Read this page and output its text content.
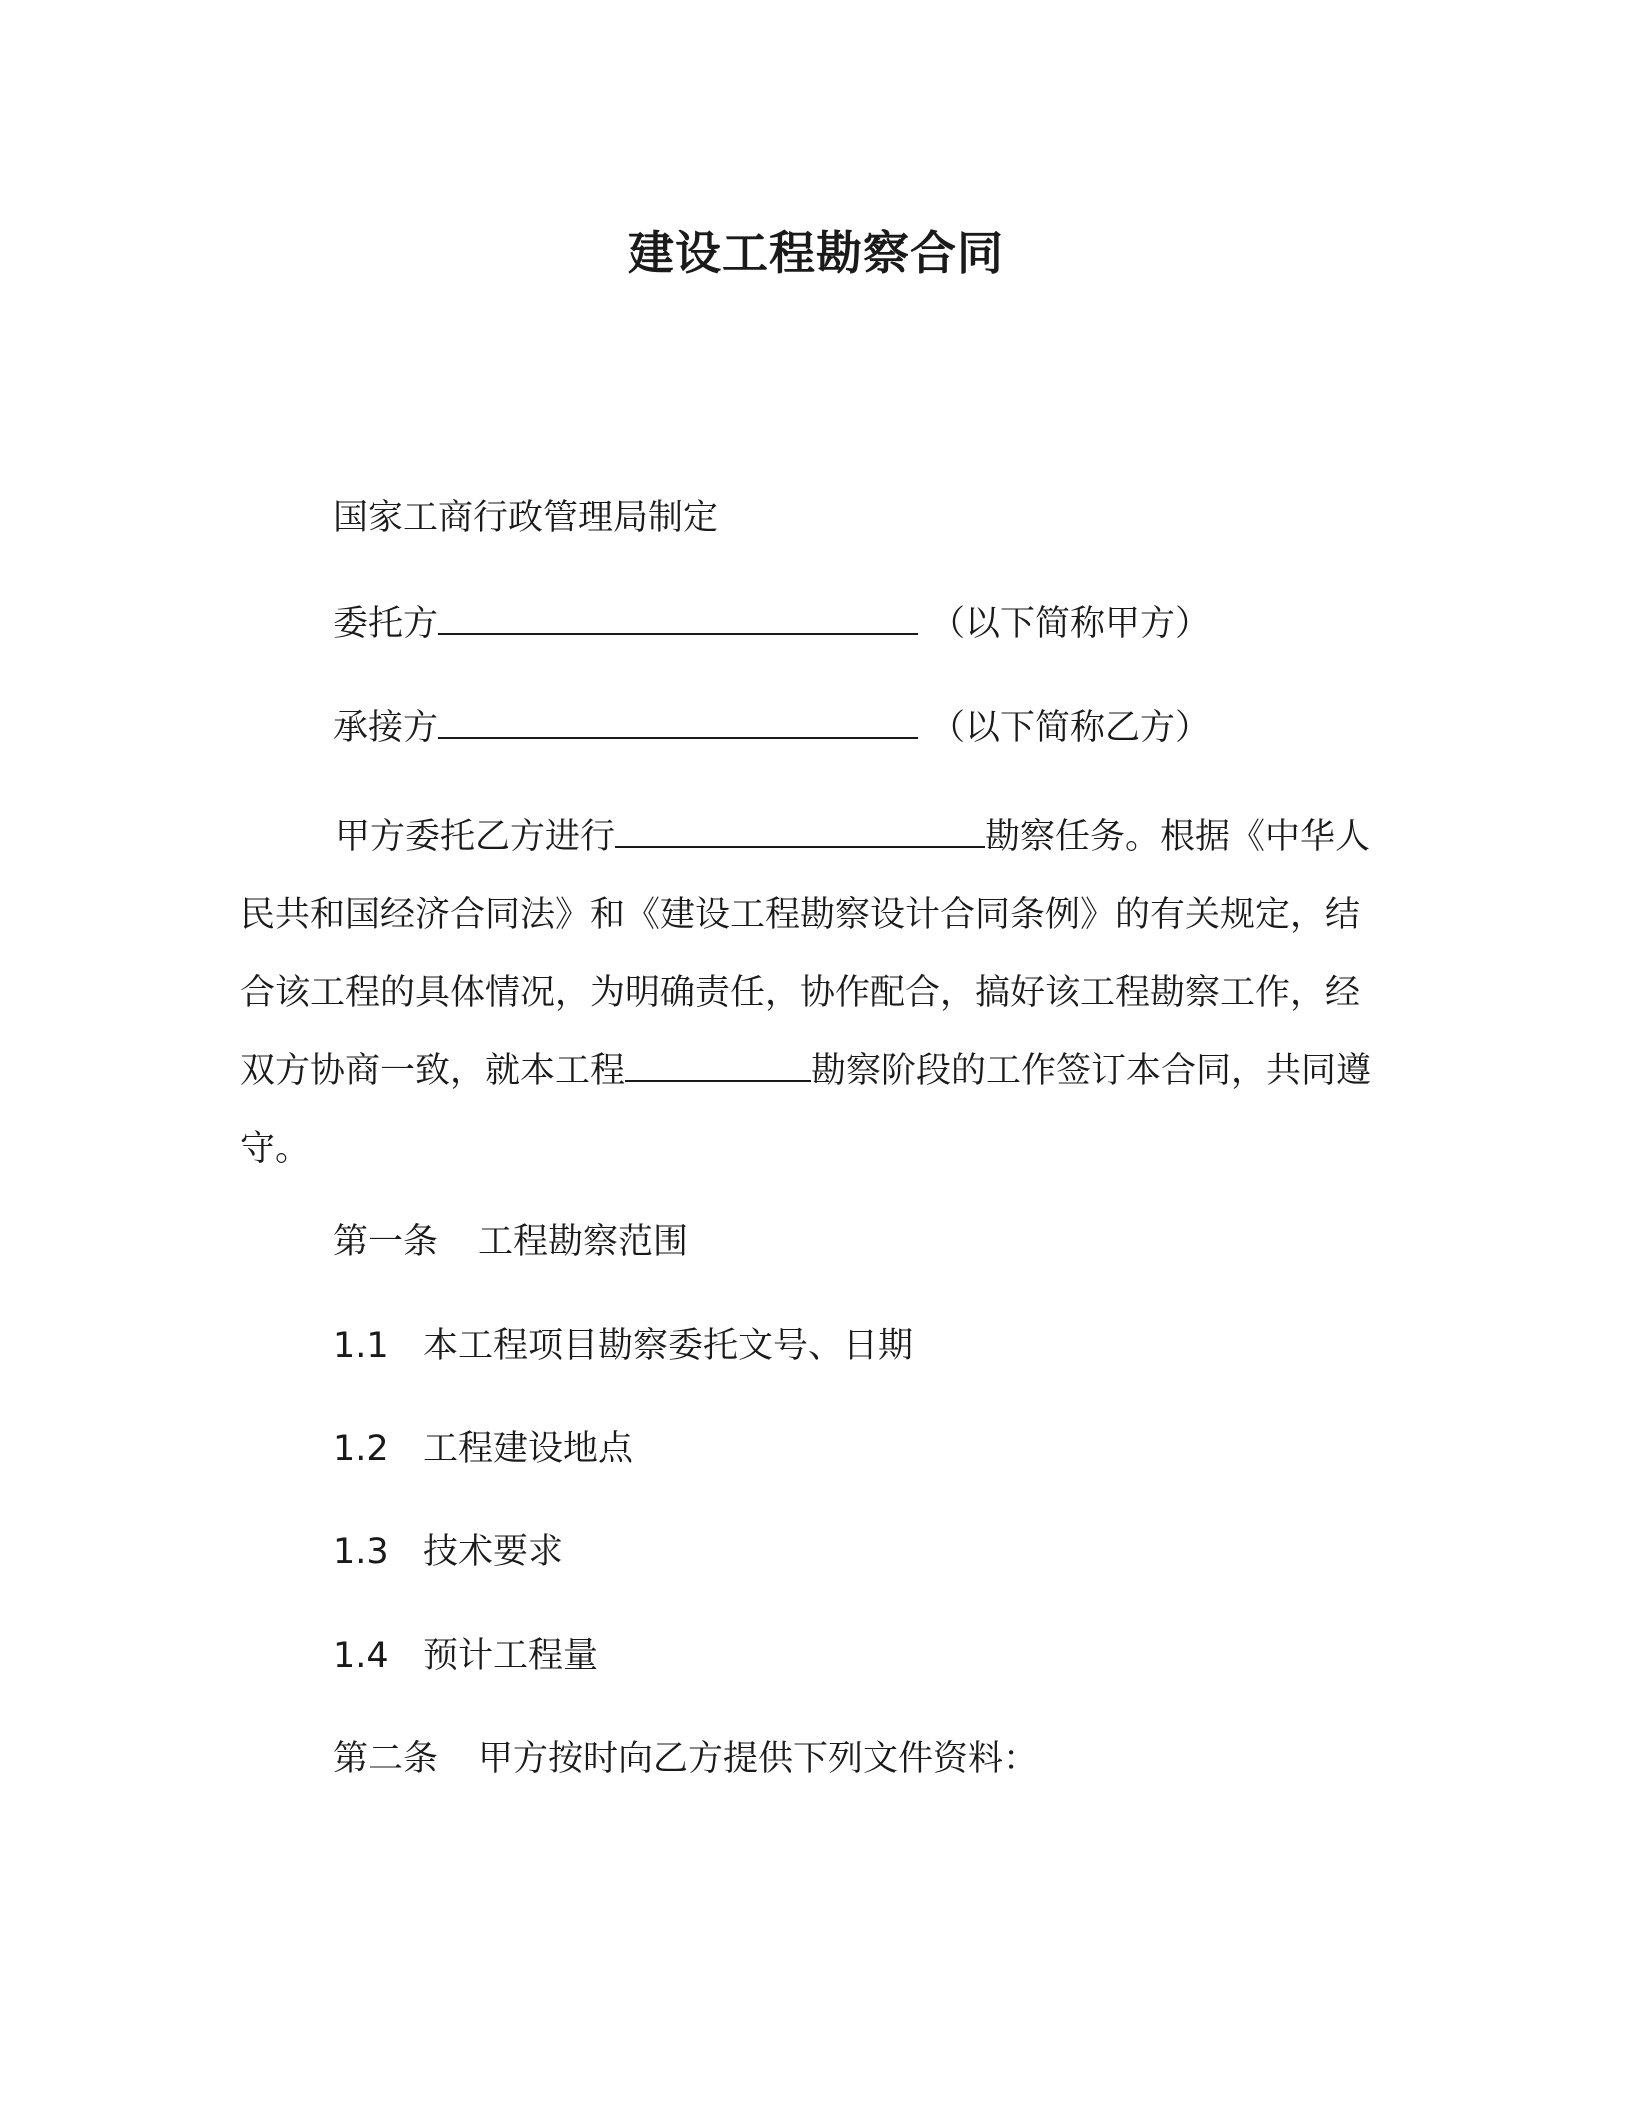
建设工程勘察合同
国家工商行政管理局制定
委托方	（以下简称甲方）
承接方	（以下简称乙方）
甲方委托乙方进行	勘察任务。根据《中华人民共和国经济合同法》和《建设工程勘察设计合同条例》的有关规定，结合该工程的具体情况，为明确责任，协作配合，搞好该工程勘察工作，经双方协商一致，就本工程	勘察阶段的工作签订本合同，共同遵守。
第一条 工程勘察范围
1.1 本工程项目勘察委托文号、日期
1.2 工程建设地点
1.3 技术要求
1.4 预计工程量
第二条 甲方按时向乙方提供下列文件资料：
